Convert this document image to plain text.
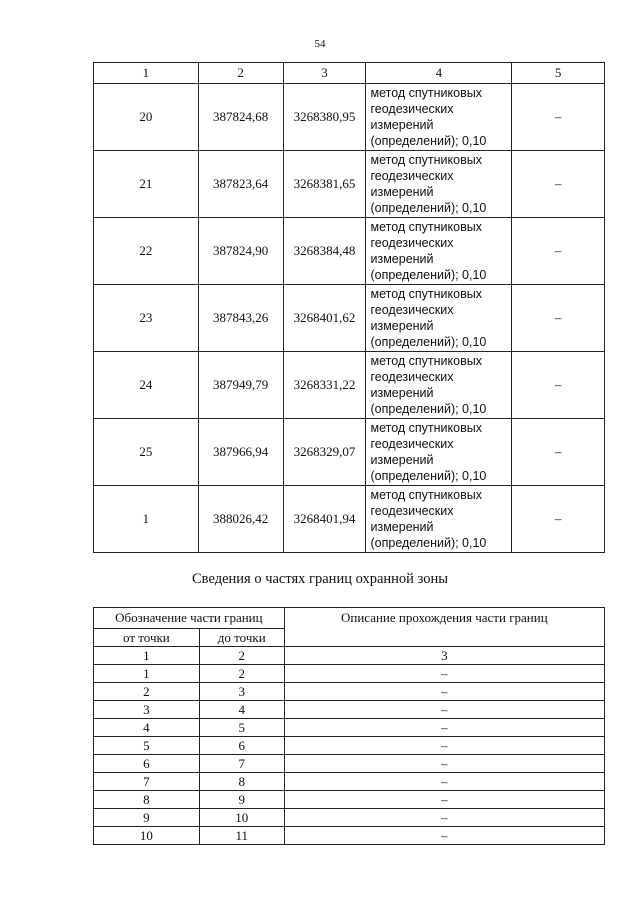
54
1	2	3	4	5
20	387824,68	3268380,95	метод спутниковых
геодезических
измерений
(определений); 0,10	–
21	387823,64	3268381,65	метод спутниковых
геодезических
измерений
(определений); 0,10	–
22	387824,90	3268384,48	метод спутниковых
геодезических
измерений
(определений); 0,10	–
23	387843,26	3268401,62	метод спутниковых
геодезических
измерений
(определений); 0,10	–
24	387949,79	3268331,22	метод спутниковых
геодезических
измерений
(определений); 0,10	–
25	387966,94	3268329,07	метод спутниковых
геодезических
измерений
(определений); 0,10	–
1	388026,42	3268401,94	метод спутниковых
геодезических
измерений
(определений); 0,10	–
Сведения о частях границ охранной зоны
Обозначение части границ		Описание прохождения части границ
от точки	до точки	
1	2	3
1	2	–
2	3	–
3	4	–
4	5	–
5	6	–
6	7	–
7	8	–
8	9	–
9	10	–
10	11	–
